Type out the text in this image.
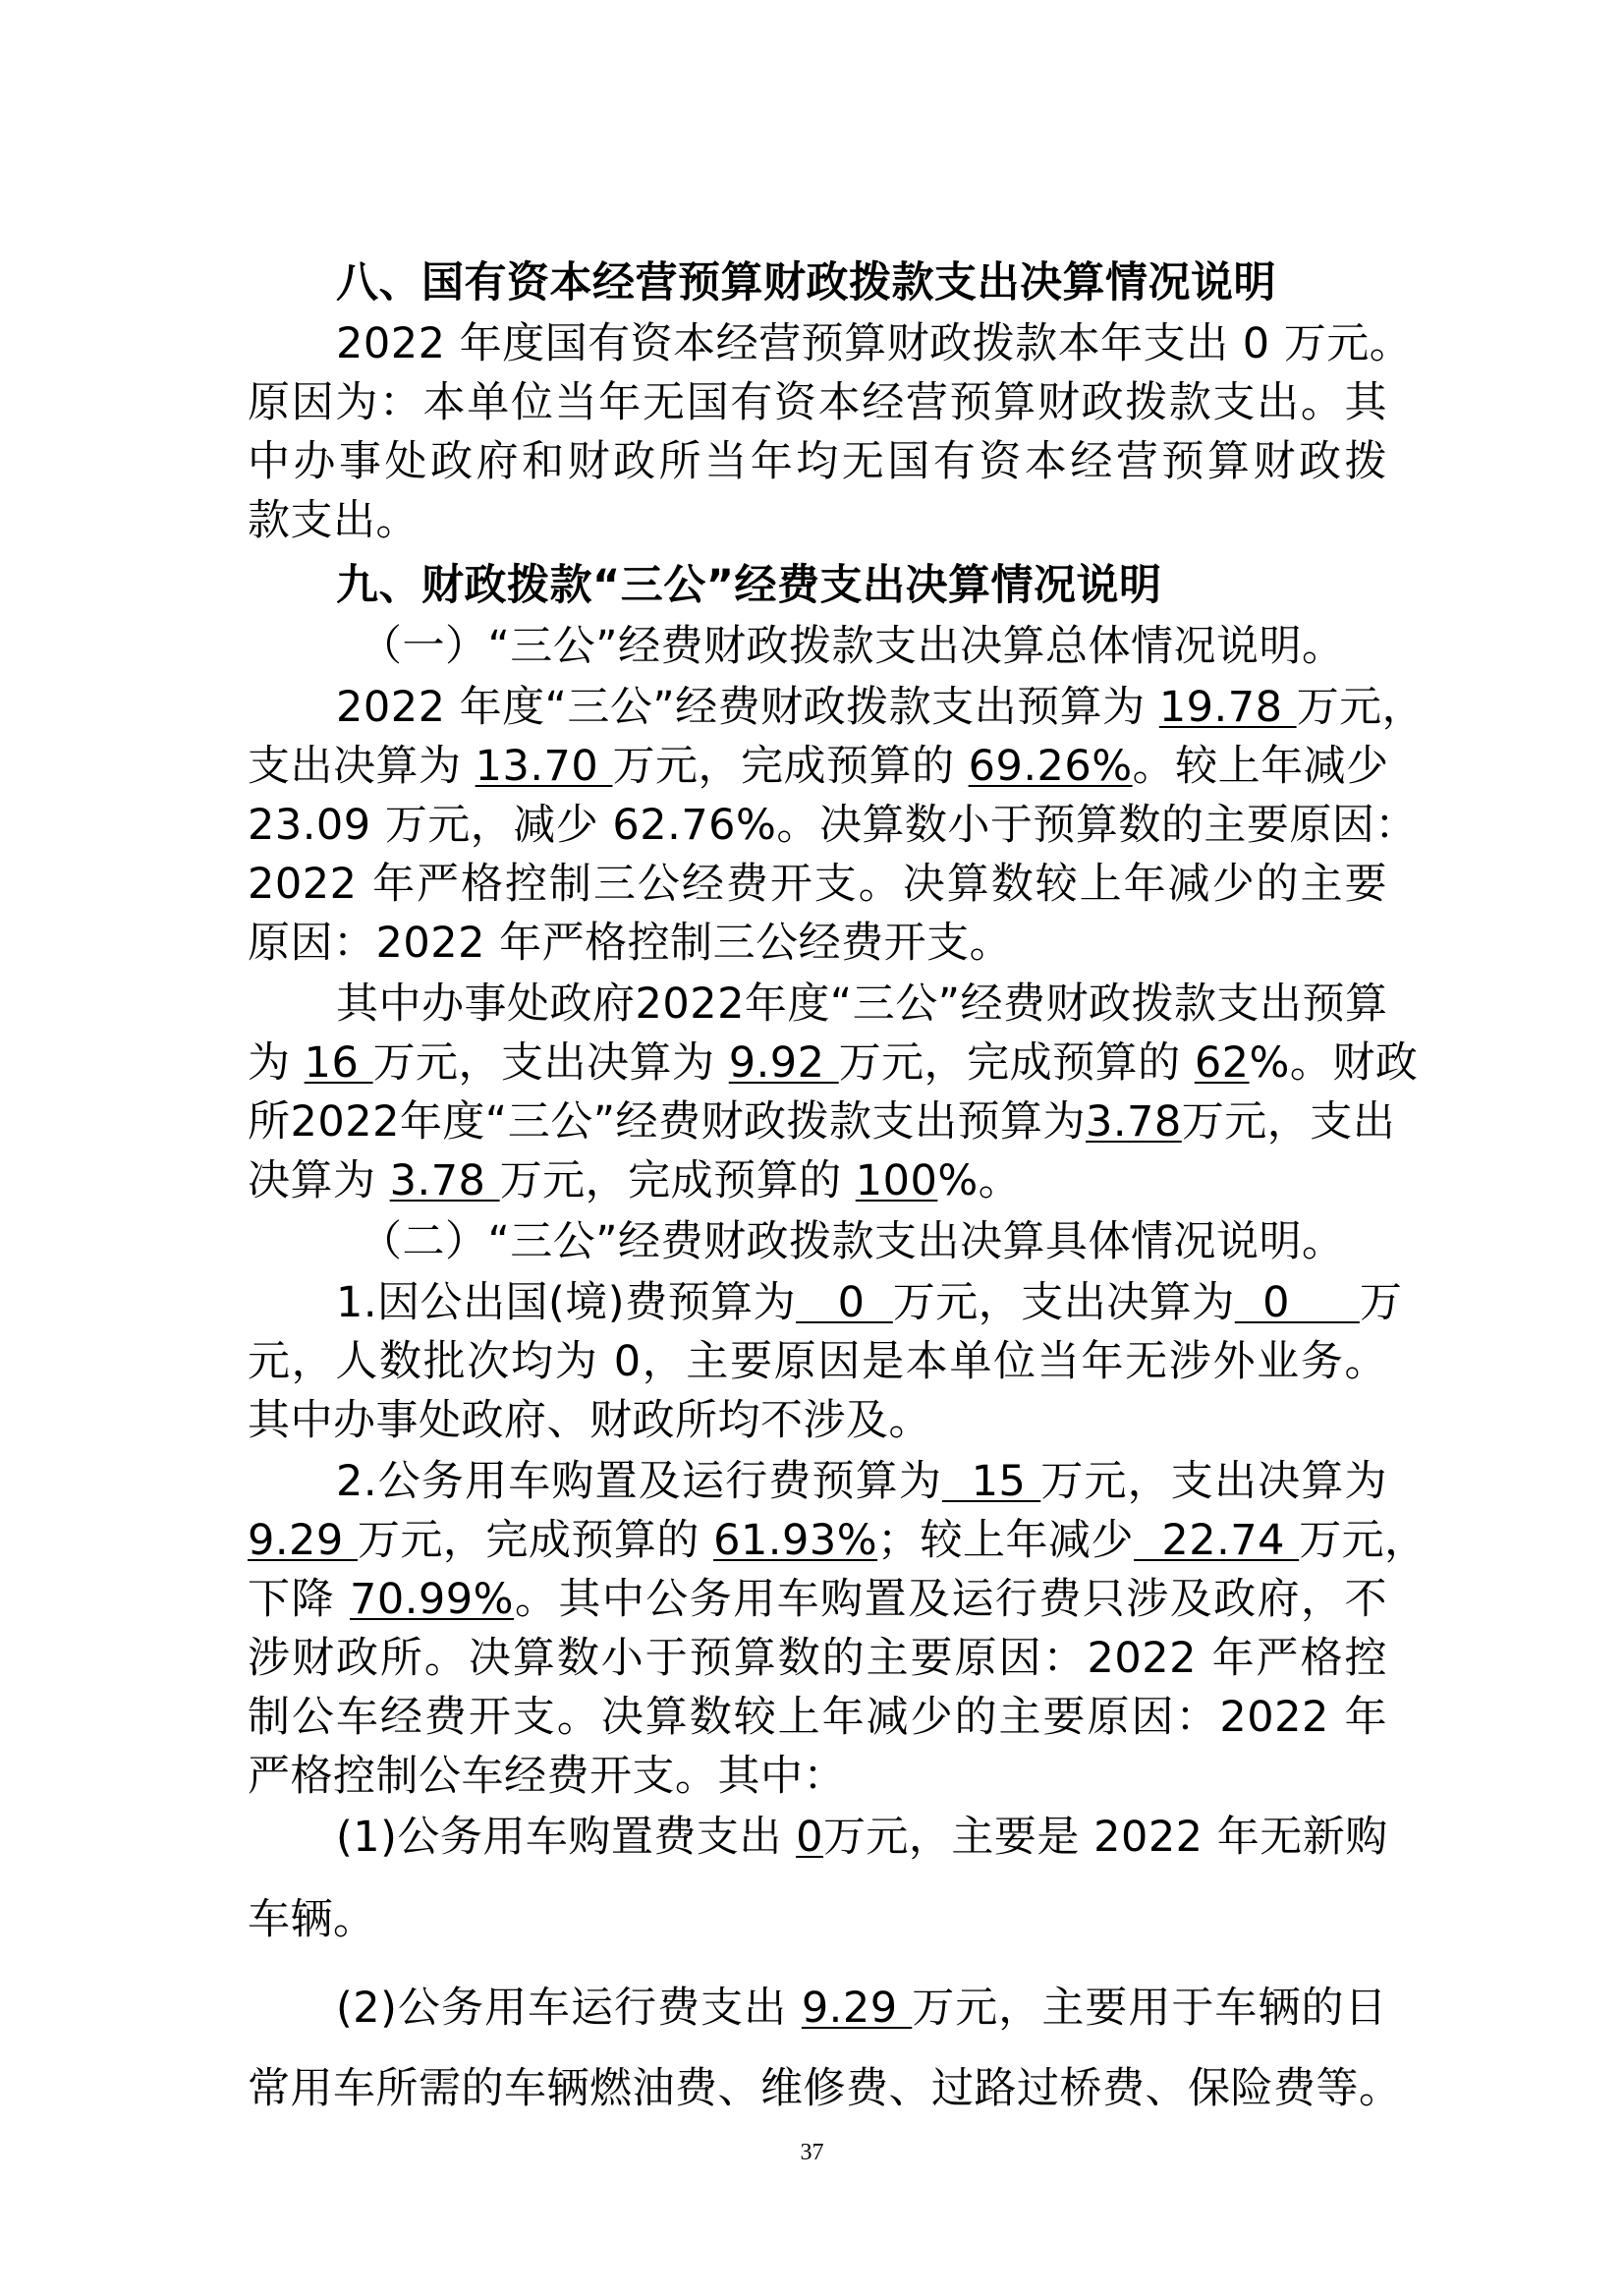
八、国有资本经营预算财政拨款支出决算情况说明
2022 年度国有资本经营预算财政拨款本年支出 0 万元。
原因为：本单位当年无国有资本经营预算财政拨款支出。其
中办事处政府和财政所当年均无国有资本经营预算财政拨
款支出。
九、财政拨款“三公”经费支出决算情况说明
（一）“三公”经费财政拨款支出决算总体情况说明。
2022 年度“三公”经费财政拨款支出预算为 19.78 万元，
支出决算为 13.70 万元，完成预算的 69.26%。较上年减少
23.09 万元，减少 62.76%。决算数小于预算数的主要原因：
2022 年严格控制三公经费开支。决算数较上年减少的主要
原因：2022 年严格控制三公经费开支。
其中办事处政府2022年度“三公”经费财政拨款支出预算
为 16 万元，支出决算为 9.92 万元，完成预算的 62%。财政
所2022年度“三公”经费财政拨款支出预算为3.78万元，支出
决算为 3.78 万元，完成预算的 100%。
（二）“三公”经费财政拨款支出决算具体情况说明。
1.因公出国(境)费预算为   0  万元，支出决算为  0     万
元，人数批次均为 0，主要原因是本单位当年无涉外业务。
其中办事处政府、财政所均不涉及。
2.公务用车购置及运行费预算为  15 万元，支出决算为
9.29 万元，完成预算的 61.93%；较上年减少  22.74 万元，
下降 70.99%。其中公务用车购置及运行费只涉及政府，不
涉财政所。决算数小于预算数的主要原因：2022 年严格控
制公车经费开支。决算数较上年减少的主要原因：2022 年
严格控制公车经费开支。其中：
(1)公务用车购置费支出 0万元，主要是 2022 年无新购
车辆。
(2)公务用车运行费支出 9.29 万元，主要用于车辆的日
常用车所需的车辆燃油费、维修费、过路过桥费、保险费等。
37
